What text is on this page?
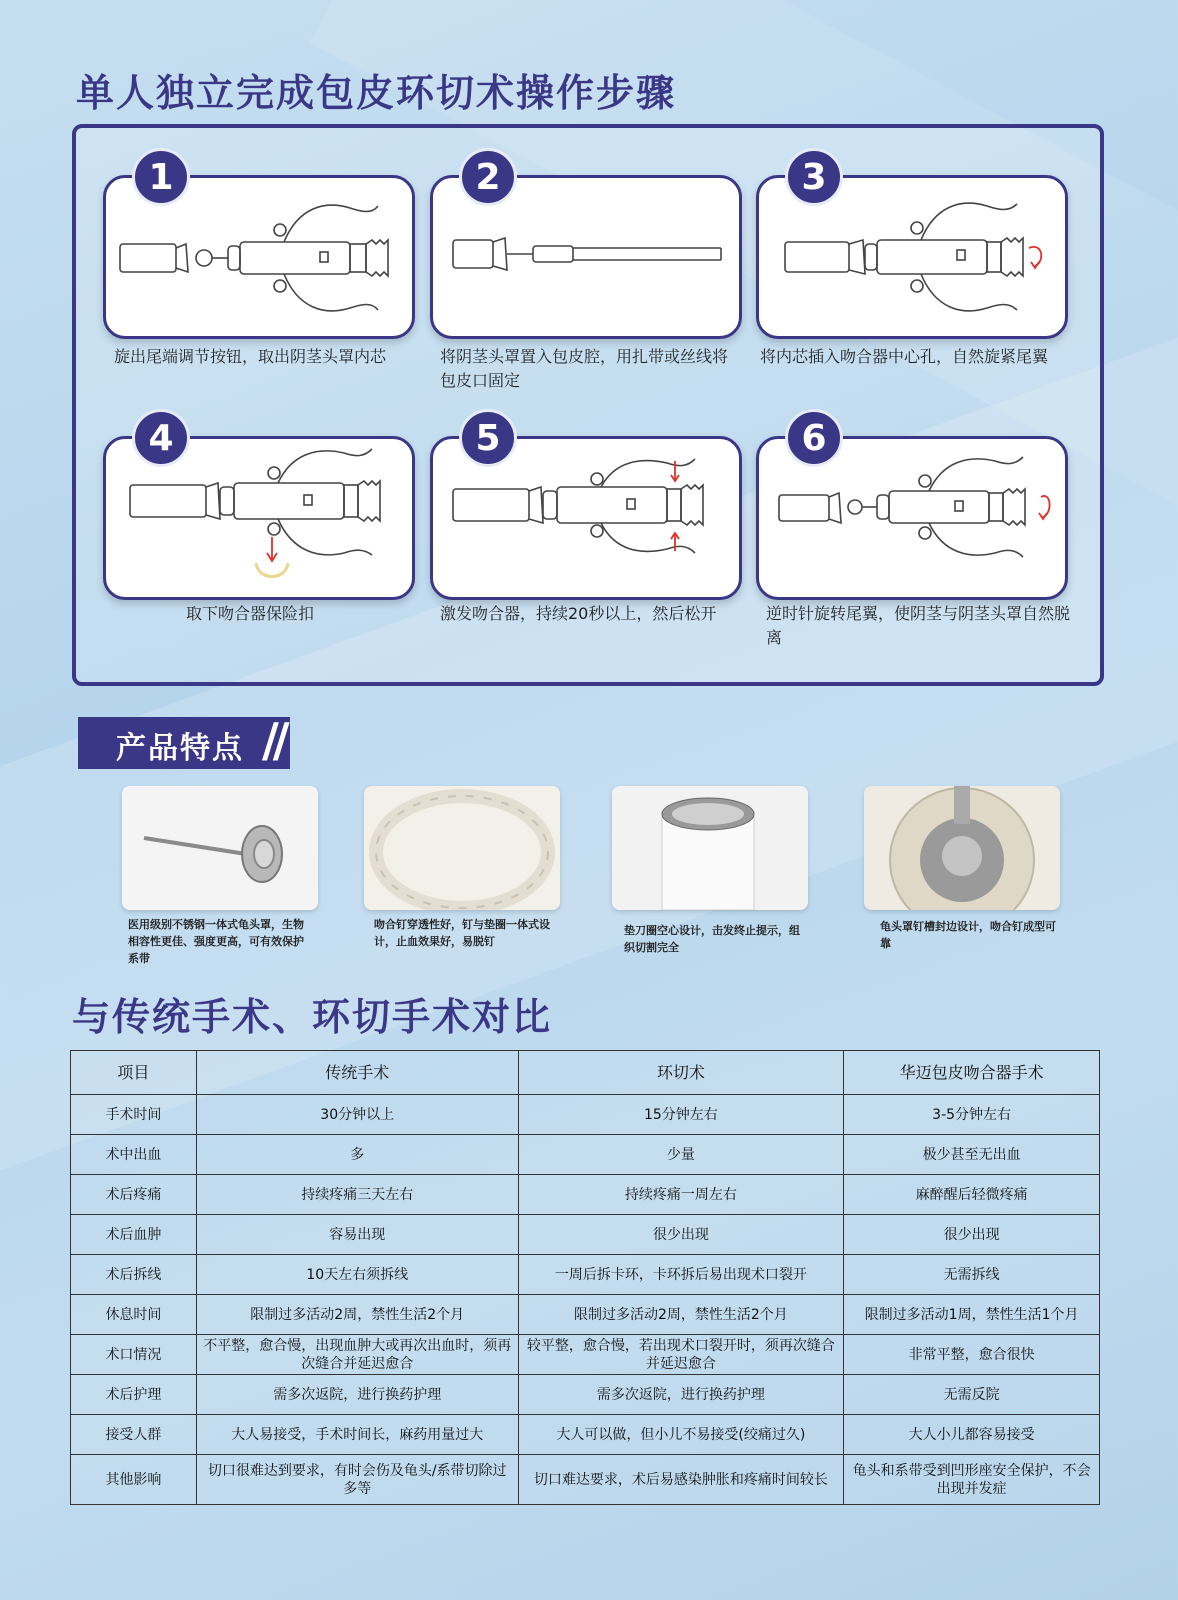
单人独立完成包皮环切术操作步骤
1
旋出尾端调节按钮，取出阴茎头罩内芯
2
将阴茎头罩置入包皮腔，用扎带或丝线将包皮口固定
3
将内芯插入吻合器中心孔，自然旋紧尾翼
4
取下吻合器保险扣
5
激发吻合器，持续20秒以上，然后松开
6
逆时针旋转尾翼，使阴茎与阴茎头罩自然脱离
产品特点 //
医用级别不锈钢一体式龟头罩，生物相容性更佳、强度更高，可有效保护系带
吻合钉穿透性好，钉与垫圈一体式设计，止血效果好，易脱钉
垫刀圈空心设计，击发终止提示，组织切割完全
龟头罩钉槽封边设计，吻合钉成型可靠
与传统手术、环切手术对比
项目	传统手术	环切术	华迈包皮吻合器手术
手术时间	30分钟以上	15分钟左右	3-5分钟左右
术中出血	多	少量	极少甚至无出血
术后疼痛	持续疼痛三天左右	持续疼痛一周左右	麻醉醒后轻微疼痛
术后血肿	容易出现	很少出现	很少出现
术后拆线	10天左右须拆线	一周后拆卡环，卡环拆后易出现术口裂开	无需拆线
休息时间	限制过多活动2周，禁性生活2个月	限制过多活动2周，禁性生活2个月	限制过多活动1周，禁性生活1个月
术口情况	不平整，愈合慢，出现血肿大或再次出血时，须再次缝合并延迟愈合	较平整，愈合慢，若出现术口裂开时，须再次缝合并延迟愈合	非常平整，愈合很快
术后护理	需多次返院，进行换药护理	需多次返院，进行换药护理	无需反院
接受人群	大人易接受，手术时间长，麻药用量过大	大人可以做，但小儿不易接受(绞痛过久)	大人小儿都容易接受
其他影响	切口很难达到要求，有时会伤及龟头/系带切除过多等	切口难达要求，术后易感染肿胀和疼痛时间较长	龟头和系带受到凹形座安全保护，不会出现并发症
